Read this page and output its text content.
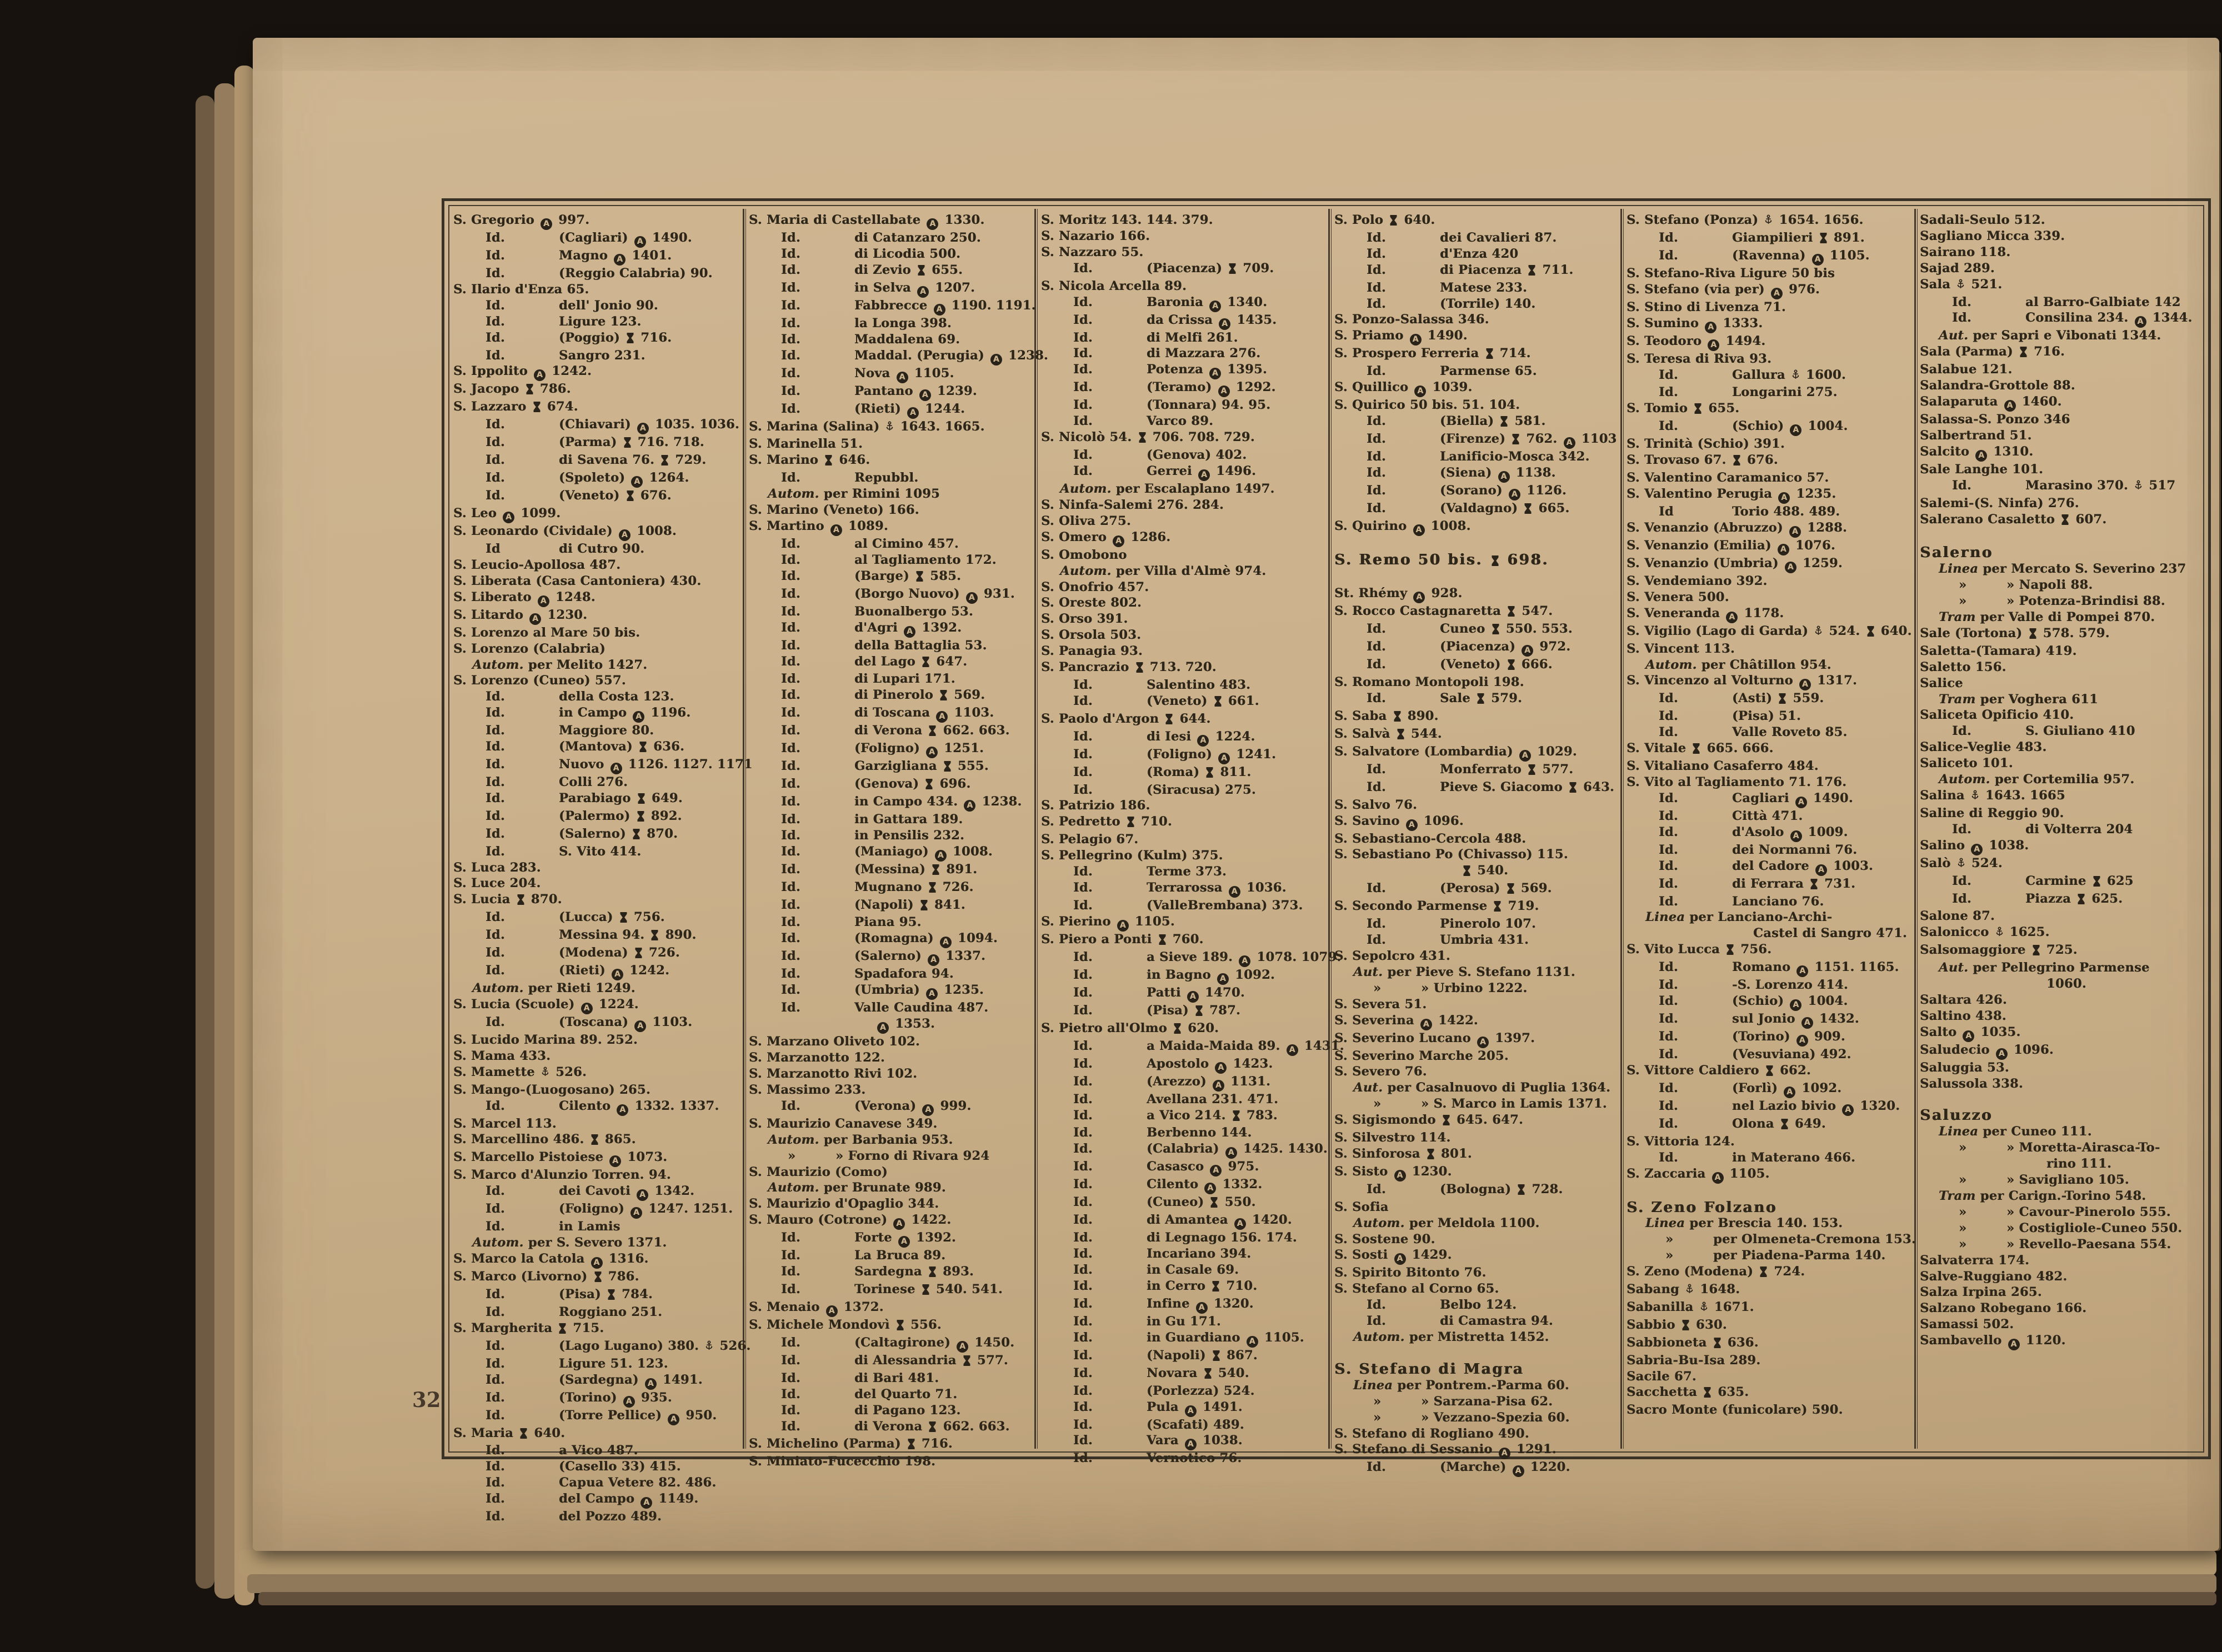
S. Gregorio A 997.
Id.	(Cagliari) A 1490.
Id.	Magno A 1401.
Id.	(Reggio Calabria) 90.
S. Ilario d'Enza 65.
Id.	dell' Jonio 90.
Id.	Ligure 123.
Id.	(Poggio)  716.
Id.	Sangro 231.
S. Ippolito A 1242.
S. Jacopo  786.
S. Lazzaro  674.
Id.	(Chiavari) A 1035. 1036.
Id.	(Parma)  716. 718.
Id.	di Savena 76.  729.
Id.	(Spoleto) A 1264.
Id.	(Veneto)  676.
S. Leo A 1099.
S. Leonardo (Cividale) A 1008.
Id	di Cutro 90.
S. Leucio-Apollosa 487.
S. Liberata (Casa Cantoniera) 430.
S. Liberato A 1248.
S. Litardo A 1230.
S. Lorenzo al Mare 50 bis.
S. Lorenzo (Calabria)
Autom. per Melito 1427.
S. Lorenzo (Cuneo) 557.
Id.	della Costa 123.
Id.	in Campo A 1196.
Id.	Maggiore 80.
Id.	(Mantova)  636.
Id.	Nuovo A 1126. 1127. 1171
Id.	Colli 276.
Id.	Parabiago  649.
Id.	(Palermo)  892.
Id.	(Salerno)  870.
Id.	S. Vito 414.
S. Luca 283.
S. Luce 204.
S. Lucia  870.
Id.	(Lucca)  756.
Id.	Messina 94.  890.
Id.	(Modena)  726.
Id.	(Rieti) A 1242.
Autom. per Rieti 1249.
S. Lucia (Scuole) A 1224.
Id.	(Toscana) A 1103.
S. Lucido Marina 89. 252.
S. Mama 433.
S. Mamette  526.
S. Mango-(Luogosano) 265.
Id.	Cilento A 1332. 1337.
S. Marcel 113.
S. Marcellino 486.  865.
S. Marcello Pistoiese A 1073.
S. Marco d'Alunzio Torren. 94.
Id.	dei Cavoti A 1342.
Id.	(Foligno) A 1247. 1251.
Id.	in Lamis
Autom. per S. Severo 1371.
S. Marco la Catola A 1316.
S. Marco (Livorno)  786.
Id.	(Pisa)  784.
Id.	Roggiano 251.
S. Margherita  715.
Id.	(Lago Lugano) 380.  526.
Id.	Ligure 51. 123.
Id.	(Sardegna) A 1491.
Id.	(Torino) A 935.
Id.	(Torre Pellice) A 950.
S. Maria  640.
Id.	a Vico 487.
Id.	(Casello 33) 415.
Id.	Capua Vetere 82. 486.
Id.	del Campo A 1149.
Id.	del Pozzo 489.
S. Maria di Castellabate A 1330.
Id.	di Catanzaro 250.
Id.	di Licodia 500.
Id.	di Zevio  655.
Id.	in Selva A 1207.
Id.	Fabbrecce A 1190. 1191.
Id.	la Longa 398.
Id.	Maddalena 69.
Id.	Maddal. (Perugia) A 1238.
Id.	Nova A 1105.
Id.	Pantano A 1239.
Id.	(Rieti) A 1244.
S. Marina (Salina)  1643. 1665.
S. Marinella 51.
S. Marino  646.
Id.	Repubbl.
Autom. per Rimini 1095
S. Marino (Veneto) 166.
S. Martino A 1089.
Id.	al Cimino 457.
Id.	al Tagliamento 172.
Id.	(Barge)  585.
Id.	(Borgo Nuovo) A 931.
Id.	Buonalbergo 53.
Id.	d'Agri A 1392.
Id.	della Battaglia 53.
Id.	del Lago  647.
Id.	di Lupari 171.
Id.	di Pinerolo  569.
Id.	di Toscana A 1103.
Id.	di Verona  662. 663.
Id.	(Foligno) A 1251.
Id.	Garzigliana  555.
Id.	(Genova)  696.
Id.	in Campo 434. A 1238.
Id.	in Gattara 189.
Id.	in Pensilis 232.
Id.	(Maniago) A 1008.
Id.	(Messina)  891.
Id.	Mugnano  726.
Id.	(Napoli)  841.
Id.	Piana 95.
Id.	(Romagna) A 1094.
Id.	(Salerno) A 1337.
Id.	Spadafora 94.
Id.	(Umbria) A 1235.
Id.	Valle Caudina 487.
A 1353.
S. Marzano Oliveto 102.
S. Marzanotto 122.
S. Marzanotto Rivi 102.
S. Massimo 233.
Id.	(Verona) A 999.
S. Maurizio Canavese 349.
Autom. per Barbania 953.
»	» Forno di Rivara 924
S. Maurizio (Como)
Autom. per Brunate 989.
S. Maurizio d'Opaglio 344.
S. Mauro (Cotrone) A 1422.
Id.	Forte A 1392.
Id.	La Bruca 89.
Id.	Sardegna  893.
Id.	Torinese  540. 541.
S. Menaio A 1372.
S. Michele Mondovì  556.
Id.	(Caltagirone) A 1450.
Id.	di Alessandria  577.
Id.	di Bari 481.
Id.	del Quarto 71.
Id.	di Pagano 123.
Id.	di Verona  662. 663.
S. Michelino (Parma)  716.
S. Miniato-Fucecchio 198.
S. Moritz 143. 144. 379.
S. Nazario 166.
S. Nazzaro 55.
Id.	(Piacenza)  709.
S. Nicola Arcella 89.
Id.	Baronia A 1340.
Id.	da Crissa A 1435.
Id.	di Melfi 261.
Id.	di Mazzara 276.
Id.	Potenza A 1395.
Id.	(Teramo) A 1292.
Id.	(Tonnara) 94. 95.
Id.	Varco 89.
S. Nicolò 54.  706. 708. 729.
Id.	(Genova) 402.
Id.	Gerrei A 1496.
Autom. per Escalaplano 1497.
S. Ninfa-Salemi 276. 284.
S. Oliva 275.
S. Omero A 1286.
S. Omobono
Autom. per Villa d'Almè 974.
S. Onofrio 457.
S. Oreste 802.
S. Orso 391.
S. Orsola 503.
S. Panagia 93.
S. Pancrazio  713. 720.
Id.	Salentino 483.
Id.	(Veneto)  661.
S. Paolo d'Argon  644.
Id.	di Iesi A 1224.
Id.	(Foligno) A 1241.
Id.	(Roma)  811.
Id.	(Siracusa) 275.
S. Patrizio 186.
S. Pedretto  710.
S. Pelagio 67.
S. Pellegrino (Kulm) 375.
Id.	Terme 373.
Id.	Terrarossa A 1036.
Id.	(ValleBrembana) 373.
S. Pierino A 1105.
S. Piero a Ponti  760.
Id.	a Sieve 189. A 1078. 1079.
Id.	in Bagno A 1092.
Id.	Patti A 1470.
Id.	(Pisa)  787.
S. Pietro all'Olmo  620.
Id.	a Maida-Maida 89. A 1431.
Id.	Apostolo A 1423.
Id.	(Arezzo) A 1131.
Id.	Avellana 231. 471.
Id.	a Vico 214.  783.
Id.	Berbenno 144.
Id.	(Calabria) A 1425. 1430.
Id.	Casasco A 975.
Id.	Cilento A 1332.
Id.	(Cuneo)  550.
Id.	di Amantea A 1420.
Id.	di Legnago 156. 174.
Id.	Incariano 394.
Id.	in Casale 69.
Id.	in Cerro  710.
Id.	Infine A 1320.
Id.	in Gu 171.
Id.	in Guardiano A 1105.
Id.	(Napoli)  867.
Id.	Novara  540.
Id.	(Porlezza) 524.
Id.	Pula A 1491.
Id.	(Scafati) 489.
Id.	Vara A 1038.
Id.	Vernotico 76.
S. Polo  640.
Id.	dei Cavalieri 87.
Id.	d'Enza 420
Id.	di Piacenza  711.
Id.	Matese 233.
Id.	(Torrile) 140.
S. Ponzo-Salassa 346.
S. Priamo A 1490.
S. Prospero Ferreria  714.
Id.	Parmense 65.
S. Quillico A 1039.
S. Quirico 50 bis. 51. 104.
Id.	(Biella)  581.
Id.	(Firenze)  762. A 1103
Id.	Lanificio-Mosca 342.
Id.	(Siena) A 1138.
Id.	(Sorano) A 1126.
Id.	(Valdagno)  665.
S. Quirino A 1008.
S. Remo 50 bis.  698.
St. Rhémy A 928.
S. Rocco Castagnaretta  547.
Id.	Cuneo  550. 553.
Id.	(Piacenza) A 972.
Id.	(Veneto)  666.
S. Romano Montopoli 198.
Id.	Sale  579.
S. Saba  890.
S. Salvà  544.
S. Salvatore (Lombardia) A 1029.
Id.	Monferrato  577.
Id.	Pieve S. Giacomo  643.
S. Salvo 76.
S. Savino A 1096.
S. Sebastiano-Cercola 488.
S. Sebastiano Po (Chivasso) 115.
540.
Id.	(Perosa)  569.
S. Secondo Parmense  719.
Id.	Pinerolo 107.
Id.	Umbria 431.
S. Sepolcro 431.
Aut. per Pieve S. Stefano 1131.
»	» Urbino 1222.
S. Severa 51.
S. Severina A 1422.
S. Severino Lucano A 1397.
S. Severino Marche 205.
S. Severo 76.
Aut. per Casalnuovo di Puglia 1364.
»	» S. Marco in Lamis 1371.
S. Sigismondo  645. 647.
S. Silvestro 114.
S. Sinforosa  801.
S. Sisto A 1230.
Id.	(Bologna)  728.
S. Sofia
Autom. per Meldola 1100.
S. Sostene 90.
S. Sosti A 1429.
S. Spirito Bitonto 76.
S. Stefano al Corno 65.
Id.	Belbo 124.
Id.	di Camastra 94.
Autom. per Mistretta 1452.
S. Stefano di Magra
Linea per Pontrem.-Parma 60.
»	» Sarzana-Pisa 62.
»	» Vezzano-Spezia 60.
S. Stefano di Rogliano 490.
S. Stefano di Sessanio A 1291.
Id.	(Marche) A 1220.
S. Stefano (Ponza)  1654. 1656.
Id.	Giampilieri  891.
Id.	(Ravenna) A 1105.
S. Stefano-Riva Ligure 50 bis
S. Stefano (via per) A 976.
S. Stino di Livenza 71.
S. Sumino A 1333.
S. Teodoro A 1494.
S. Teresa di Riva 93.
Id.	Gallura  1600.
Id.	Longarini 275.
S. Tomio  655.
Id.	(Schio) A 1004.
S. Trinità (Schio) 391.
S. Trovaso 67.  676.
S. Valentino Caramanico 57.
S. Valentino Perugia A 1235.
Id	Torio 488. 489.
S. Venanzio (Abruzzo) A 1288.
S. Venanzio (Emilia) A 1076.
S. Venanzio (Umbria) A 1259.
S. Vendemiano 392.
S. Venera 500.
S. Veneranda A 1178.
S. Vigilio (Lago di Garda)  524.  640.
S. Vincent 113.
Autom. per Châtillon 954.
S. Vincenzo al Volturno A 1317.
Id.	(Asti)  559.
Id.	(Pisa) 51.
Id.	Valle Roveto 85.
S. Vitale  665. 666.
S. Vitaliano Casaferro 484.
S. Vito al Tagliamento 71. 176.
Id.	Cagliari A 1490.
Id.	Città 471.
Id.	d'Asolo A 1009.
Id.	dei Normanni 76.
Id.	del Cadore A 1003.
Id.	di Ferrara  731.
Id.	Lanciano 76.
Linea per Lanciano-Archi-
Castel di Sangro 471.
S. Vito Lucca  756.
Id.	Romano A 1151. 1165.
Id.	-S. Lorenzo 414.
Id.	(Schio) A 1004.
Id.	sul Jonio A 1432.
Id.	(Torino) A 909.
Id.	(Vesuviana) 492.
S. Vittore Caldiero  662.
Id.	(Forlì) A 1092.
Id.	nel Lazio bivio A 1320.
Id.	Olona  649.
S. Vittoria 124.
Id.	in Materano 466.
S. Zaccaria A 1105.
S. Zeno Folzano
Linea per Brescia 140. 153.
»	per Olmeneta-Cremona 153.
»	per Piadena-Parma 140.
S. Zeno (Modena)  724.
Sabang  1648.
Sabanilla  1671.
Sabbio  630.
Sabbioneta  636.
Sabria-Bu-Isa 289.
Sacile 67.
Sacchetta  635.
Sacro Monte (funicolare) 590.
Sadali-Seulo 512.
Sagliano Micca 339.
Sairano 118.
Sajad 289.
Sala  521.
Id.	al Barro-Galbiate 142
Id.	Consilina 234. A 1344.
Aut. per Sapri e Vibonati 1344.
Sala (Parma)  716.
Salabue 121.
Salandra-Grottole 88.
Salaparuta A 1460.
Salassa-S. Ponzo 346
Salbertrand 51.
Salcito A 1310.
Sale Langhe 101.
Id.	Marasino 370.  517
Salemi-(S. Ninfa) 276.
Salerano Casaletto  607.
Salerno
Linea per Mercato S. Severino 237
»	» Napoli 88.
»	» Potenza-Brindisi 88.
Tram per Valle di Pompei 870.
Sale (Tortona)  578. 579.
Saletta-(Tamara) 419.
Saletto 156.
Salice
Tram per Voghera 611
Saliceta Opificio 410.
Id.	S. Giuliano 410
Salice-Veglie 483.
Saliceto 101.
Autom. per Cortemilia 957.
Salina  1643. 1665
Saline di Reggio 90.
Id.	di Volterra 204
Salino A 1038.
Salò  524.
Id.	Carmine  625
Id.	Piazza  625.
Salone 87.
Salonicco  1625.
Salsomaggiore  725.
Aut. per Pellegrino Parmense
1060.
Saltara 426.
Saltino 438.
Salto A 1035.
Saludecio A 1096.
Saluggia 53.
Salussola 338.
Saluzzo
Linea per Cuneo 111.
»	» Moretta-Airasca-To-
rino 111.
»	» Savigliano 105.
Tram per Carign.-Torino 548.
»	» Cavour-Pinerolo 555.
»	» Costigliole-Cuneo 550.
»	» Revello-Paesana 554.
Salvaterra 174.
Salve-Ruggiano 482.
Salza Irpina 265.
Salzano Robegano 166.
Samassi 502.
Sambavello A 1120.
32
